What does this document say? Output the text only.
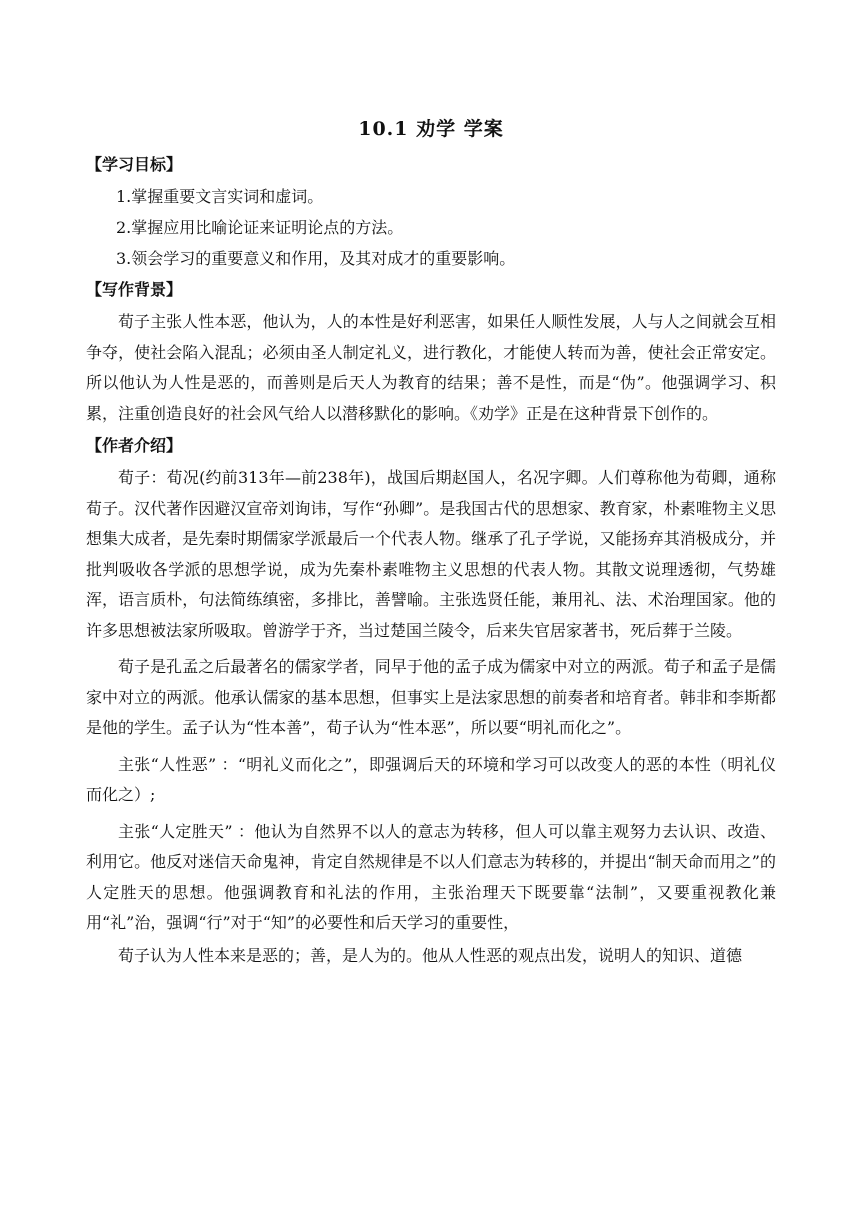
10.1 劝学 学案
【学习目标】
1.掌握重要文言实词和虚词。
2.掌握应用比喻论证来证明论点的方法。
3.领会学习的重要意义和作用，及其对成才的重要影响。
【写作背景】

荀子主张人性本恶，他认为，人的本性是好利恶害，如果任人顺性发展，人与人之间就会互相争夺，使社会陷入混乱；必须由圣人制定礼义，进行教化，才能使人转而为善，使社会正常安定。所以他认为人性是恶的，而善则是后天人为教育的结果；善不是性，而是“伪”。他强调学习、积累，注重创造良好的社会风气给人以潜移默化的影响。《劝学》正是在这种背景下创作的。

【作者介绍】

荀子：荀况(约前313年—前238年)，战国后期赵国人，名况字卿。人们尊称他为荀卿，通称荀子。汉代著作因避汉宣帝刘询讳，写作“孙卿”。是我国古代的思想家、教育家，朴素唯物主义思想集大成者，是先秦时期儒家学派最后一个代表人物。继承了孔子学说，又能扬弃其消极成分，并批判吸收各学派的思想学说，成为先秦朴素唯物主义思想的代表人物。其散文说理透彻，气势雄浑，语言质朴，句法简练缜密，多排比，善譬喻。主张选贤任能，兼用礼、法、术治理国家。他的许多思想被法家所吸取。曾游学于齐，当过楚国兰陵令，后来失官居家著书，死后葬于兰陵。

荀子是孔孟之后最著名的儒家学者，同早于他的孟子成为儒家中对立的两派。荀子和孟子是儒家中对立的两派。他承认儒家的基本思想，但事实上是法家思想的前奏者和培育者。韩非和李斯都是他的学生。孟子认为“性本善”，荀子认为“性本恶”，所以要“明礼而化之”。

主张“人性恶” ：“明礼义而化之”，即强调后天的环境和学习可以改变人的恶的本性（明礼仪而化之）;

主张“人定胜天” ：他认为自然界不以人的意志为转移，但人可以靠主观努力去认识、改造、利用它。他反对迷信天命鬼神，肯定自然规律是不以人们意志为转移的，并提出“制天命而用之”的人定胜天的思想。他强调教育和礼法的作用，主张治理天下既要靠“法制”，又要重视教化兼用“礼”治，强调“行”对于“知”的必要性和后天学习的重要性，

荀子认为人性本来是恶的；善，是人为的。他从人性恶的观点出发，说明人的知识、道德
